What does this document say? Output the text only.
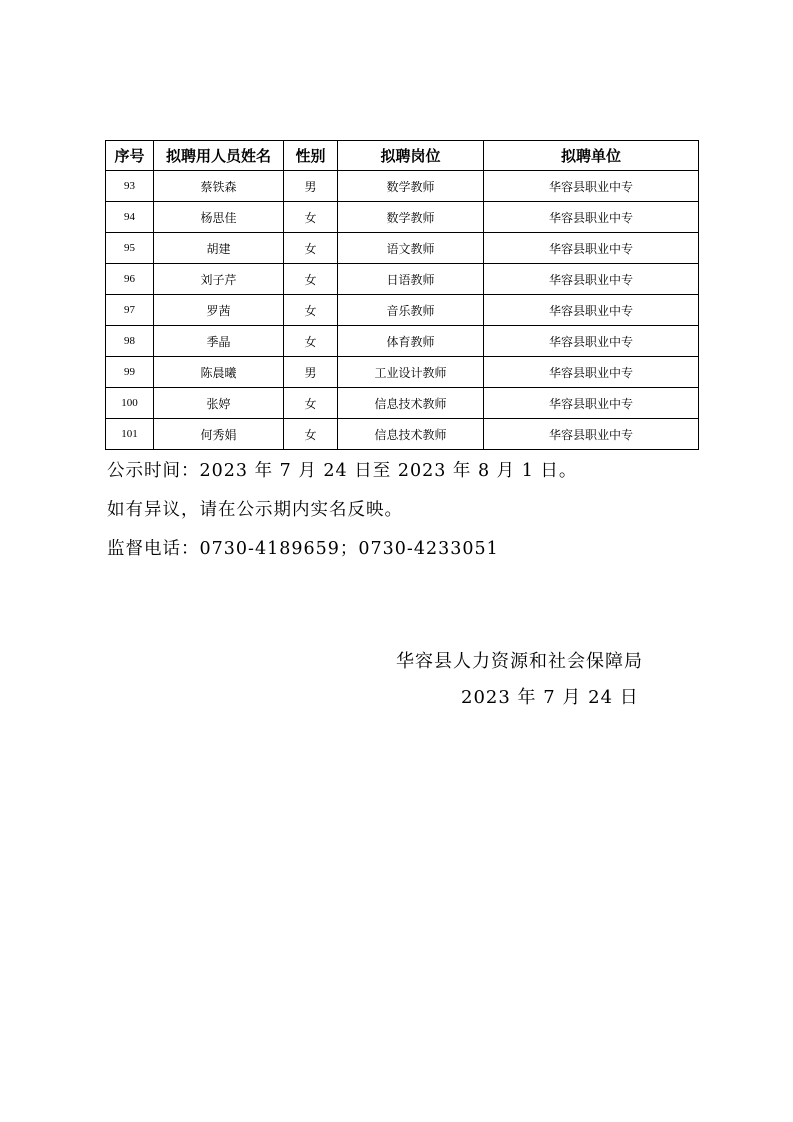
序号	拟聘用人员姓名	性别	拟聘岗位	拟聘单位
93	蔡铁森	男	数学教师	华容县职业中专
94	杨思佳	女	数学教师	华容县职业中专
95	胡建	女	语文教师	华容县职业中专
96	刘子芹	女	日语教师	华容县职业中专
97	罗茜	女	音乐教师	华容县职业中专
98	季晶	女	体育教师	华容县职业中专
99	陈晨曦	男	工业设计教师	华容县职业中专
100	张婷	女	信息技术教师	华容县职业中专
101	何秀娟	女	信息技术教师	华容县职业中专
公示时间：2023 年 7 月 24 日至 2023 年 8 月 1 日。
如有异议，请在公示期内实名反映。
监督电话：0730-4189659；0730-4233051
华容县人力资源和社会保障局
2023 年 7 月 24 日
